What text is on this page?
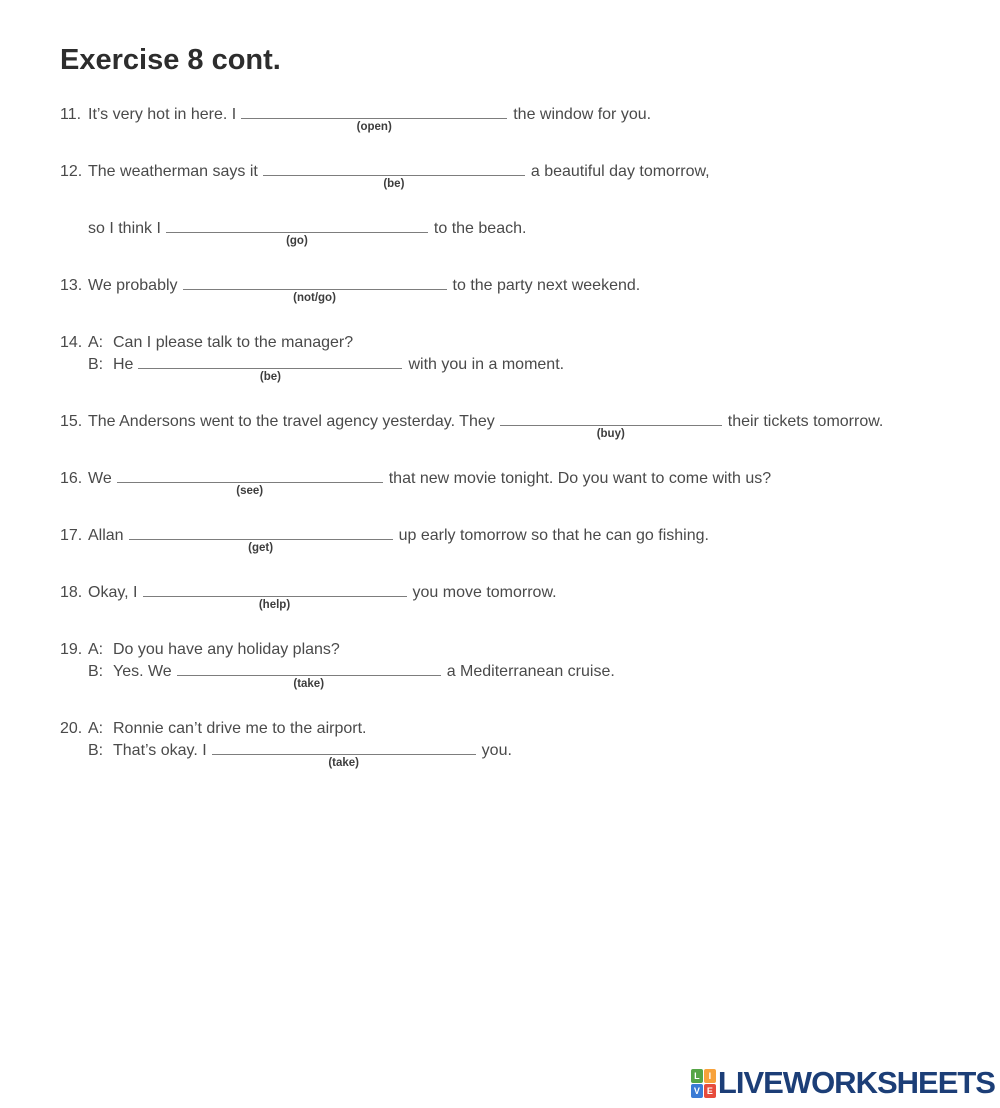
Exercise 8 cont.
11. It’s very hot in here. I
(open)
the window for you.
12. The weatherman says it
(be)
a beautiful day tomorrow,
so I think I
(go)
to the beach.
13. We probably
(not/go)
to the party next weekend.
14. A: Can I please talk to the manager?
B: He
(be)
with you in a moment.
15. The Andersons went to the travel agency yesterday. They
(buy)
their tickets tomorrow.
16. We
(see)
that new movie tonight. Do you want to come with us?
17. Allan
(get)
up early tomorrow so that he can go fishing.
18. Okay, I
(help)
you move tomorrow.
19. A: Do you have any holiday plans?
B: Yes. We
(take)
a Mediterranean cruise.
20. A: Ronnie can’t drive me to the airport.
B: That’s okay. I
(take)
you.
L I
V E LIVEWORKSHEETS
